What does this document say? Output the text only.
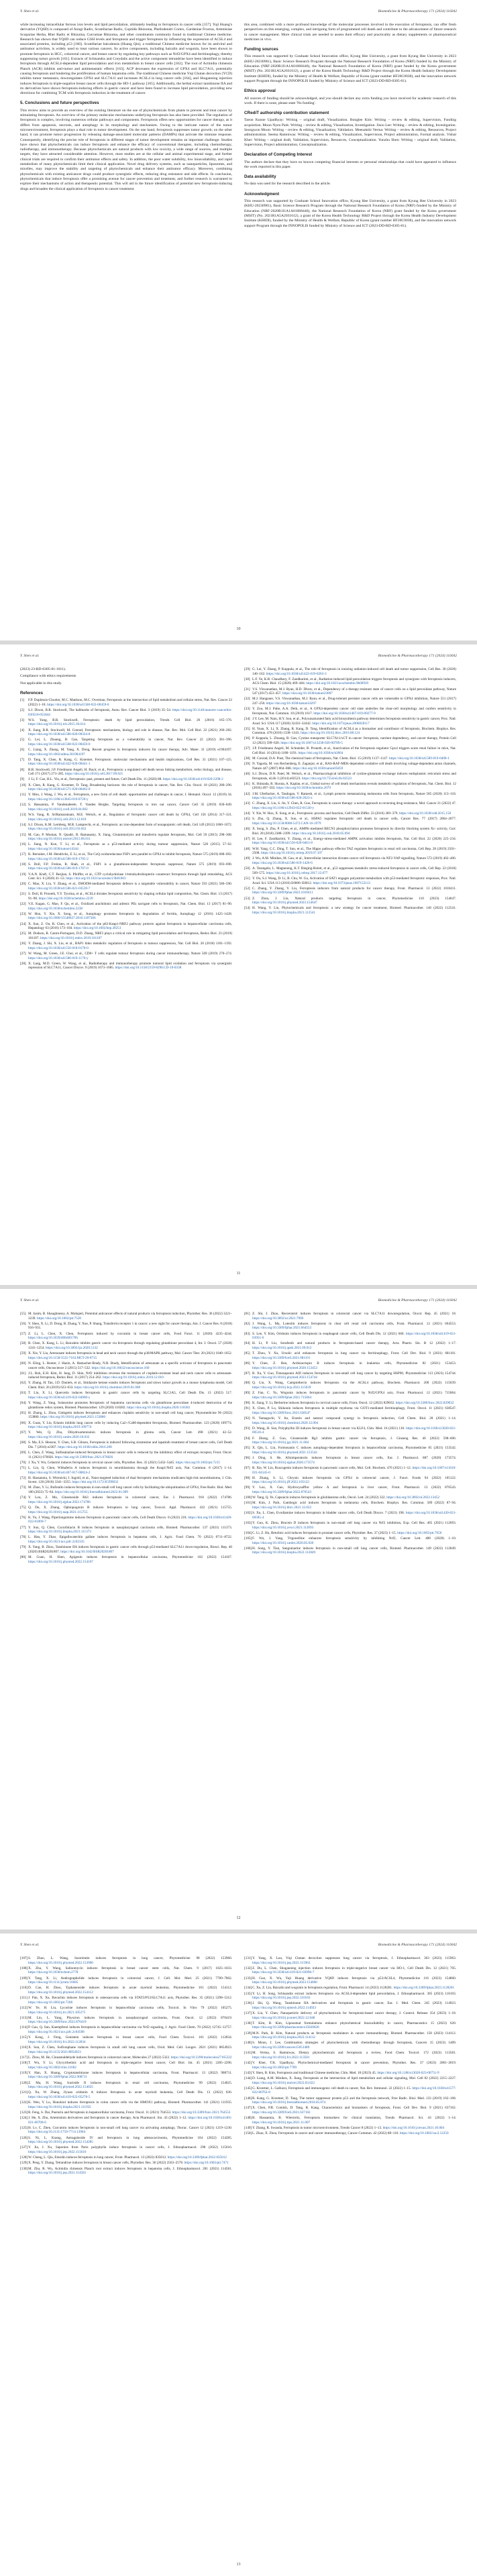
Y. Shen et al.	Biomedicine & Pharmacotherapy 171 (2024) 116042

while increasing intracellular ferrous iron levels and lipid peroxidation, ultimately leading to ferroptosis in cancer cells [157]. Yuji Huang's derivative (YQ6D) is composed of Aongi Radix, Scutellariae Radix, Coptidis Rhizoma, Phellodendri Cortex, Gardeniae Fructus, Artemisiae Scopariae Herba, Rhei Radix et Rhizoma, Curcumae Rhizoma, and other constituents commonly found in traditional Chinese medicine. Research has shown that YQ6D can reduce GSH levels and ferroptosis and trigger ferroptosis by influencing the expression of ACSL4 and associated proteins, including p53 [160]. Scutellariae baicalensis (Huang Qin), a traditional Chinese medicine known for its antiviral and antitumor activities, is widely used to treat various cancers. Its active components, including baicalin and wogonin, have been shown to promote ferroptosis in HCC, colorectal cancer, and breast cancer by regulating key pathways such as Nrf2/GPX4 and ferritinophagy, thereby suppressing tumor growth [161]. Extracts of Schisandra and Corydalis and the active component tetrandrine have been identified to induce ferroptosis through ACSL4-dependent lipid peroxidation and iron metabolism in breast cancer cells [162]. The root of Actinidia chinensis Planch (ACR) inhibits anti-tumor and antimetastatic effects [163]. ACP decreases the expression of GPX4 and SLC7A11, potentially causing ferroptosis and hindering the proliferation of human hepatoma cells. The traditional Chinese medicine Yiqi Chutan decoction (YCD) inhibits tumor metastasis, downregulates GPX4 and SLC7A11 and increases ACSL4 in lung cancer cells [164], and Shuganning injection induces ferroptosis in triple-negative breast cancer cells through the HO-1 pathway [165]. Additionally, the herbal extract tanshinone IIA and its derivatives have shown ferroptosis-inducing effects in gastric cancer and have been found to increase lipid peroxidation, providing new directions for combining TCM with ferroptosis induction in the treatment of cancer.

5. Conclusions and future perspectives

This review aims to provide an overview of the existing literature on the use of phytochemicals from plants to prevent and treat cancer by stimulating ferroptosis. An overview of the primary molecular mechanisms underlying ferroptosis has also been provided. The regulation of ferroptosis is complex, involving numerous cellular pathways and components. Ferroptosis offers new opportunities for cancer therapy, as it differs from apoptosis, necrosis, and autophagy in its morphology and mechanism. Owing to the intricate nature of the tumor microenvironment, ferroptosis plays a dual role in tumor development. On the one hand, ferroptosis suppresses tumor growth; on the other hand, it can promote tumor progression by releasing damage-associated molecular patterns (DAMPs) that activate the immune response. Consequently, identifying the precise role of ferroptosis in different stages of tumor development remains an important challenge. Studies have shown that phytochemicals can induce ferroptosis and enhance the efficacy of conventional therapies, including chemotherapy, radiotherapy, and immunotherapy. Because phytochemicals are natural products with low toxicity, a wide range of sources, and multiple targets, they have attracted considerable attention. However, most studies are at the cellular and animal experimental stage, and further clinical trials are required to confirm their antitumor effects and safety. In addition, the poor water solubility, low bioavailability, and rapid metabolism of many phytochemicals limit their clinical application. Novel drug delivery systems, such as nanoparticles, liposomes, and micelles, may improve the stability and targeting of phytochemicals and enhance their antitumor efficacy. Moreover, combining phytochemicals with existing anticancer drugs could produce synergistic effects, reducing drug resistance and side effects. In conclusion, phytochemicals that induce ferroptosis offer a promising avenue for cancer prevention and treatment, and further research is warranted to explore their mechanisms of action and therapeutic potential. This will aid in the future identification of potential new ferroptosis-inducing drugs and broaden the clinical application of ferroptosis in cancer treatment.

this area, combined with a more profound knowledge of the molecular processes involved in the execution of ferroptosis, can offer fresh perspectives on this emerging, complex, and intriguing form of programmed cell death and contribute to the advancement of future research in cancer management. More clinical trials are needed to assess their efficacy and practicality as dietary supplements or pharmaceutical medicines in vivo.

Funding sources

This research was supported by Graduate School Innovation office, Kyung Hee University, a grant from Kyung Hee University in 2023 (KHU-20230961), Basic Science Research Program through the National Research Foundation of Korea (NRF) funded by the Ministry of Education (NRF-2020R1I1A1A01068446), the National Research Foundation of Korea (NRF) grant funded by the Korea government (MSIT) (No. 2021R1A5A2031612), a grant of the Korea Health Technology R&D Project through the Korea Health Industry Development Institute (KHIDI), funded by the Ministry of Health & Welfare, Republic of Korea (grant number HF20C0038), and the innovation network support Program through the INNOPOLIS funded by Ministry of Science and ICT (2023-DD-RD-0305-01).

Ethics approval

All sources of funding should be acknowledged, and you should declare any extra funding you have received for academic research of this work. If there is none, please state 'No funding'.

CRediT authorship contribution statement

Taeon Kunne Upadhyay: Writing – original draft, Visualization. Bonglee Kim: Writing – review & editing, Supervision, Funding acquisition. Moon Nyeo Park: Writing – review & editing, Visualization, Investigation. Jisoo Lee: Writing – review & editing, Investigation. Seongwon Moon: Writing – review & editing, Visualization, Validation. Meenakshi Verma: Writing – review & editing, Resources, Project administration. Seema Ramniwas: Writing – review & editing, Visualization, Supervision, Project administration, Formal analysis. Vishal Kher: Writing – original draft, Validation, Supervision, Resources, Conceptualization. Yunzhu Shen: Writing – original draft, Validation, Supervision, Project administration, Conceptualization.

Declaration of Competing Interest

The authors declare that they have no known competing financial interests or personal relationships that could have appeared to influence the work reported in this paper.

Data availability

No data was used for the research described in the article.

Acknowledgment

This research was supported by Graduate School Innovation office, Kyung Hee University, a grant from Kyung Hee University in 2023 (KHU-20230961), Basic Science Research Program through the National Research Foundation of Korea (NRF) funded by the Ministry of Education (NRF-2020R1I1A1A01068446), the National Research Foundation of Korea (NRF) grant funded by the Korea government (MSIT) (No. 2021R1A5A2031612), a grant of the Korea Health Technology R&D Project through the Korea Health Industry Development Institute (KHIDI), funded by the Ministry of Health & Welfare, Republic of Korea (grant number HF20C0038), and the innovation network support Program through the INNOPOLIS funded by Ministry of Science and ICT (2023-DD-RD-0305-01).

10
Y. Shen et al.	Biomedicine & Pharmacotherapy 171 (2024) 116042

(2023) 23-RD-0305-01-1011).

Compliance with ethics requirements

Not applicable in this study.

References
[1] F.P. Duplessis-Cloutier, M.C. Mattison, M.C. Overman, Ferroptosis at the intersection of lipid metabolism and cellular stress, Nat. Rev. Cancer 22 (2022) 1–18. https://doi.org/10.1038/s41568-022-00459-0
[2] S.J. Dixon, B.R. Stockwell, The hallmarks of ferroptosis, Annu. Rev. Cancer Biol. 3 (2019) 35–54. https://doi.org/10.1146/annurev-cancerbio-030518-055844
[3] W.S. Yang, B.R. Stockwell, Ferroptosis: death by lipid peroxidation, Trends Cell Biol. 26 (2016) 165–176. https://doi.org/10.1016/j.tcb.2015.10.014
[4] X. Jiang, B.R. Stockwell, M. Conrad, Ferroptosis: mechanisms, biology and role in disease, Nat. Rev. Mol. Cell Biol. 22 (2021) 266–282. https://doi.org/10.1038/s41580-020-00324-8
[5] G. Lei, L. Zhuang, B. Gan, Targeting ferroptosis as a vulnerability in cancer, Nat. Rev. Cancer 22 (2022) 381–396. https://doi.org/10.1038/s41568-022-00459-0
[6] C. Liang, X. Zhang, M. Yang, X. Dong, Recent progress in ferroptosis inducers for cancer therapy, Adv. Mater. 31 (2019) e1904197. https://doi.org/10.1002/adma.201904197
[7] D. Tang, X. Chen, R. Kang, G. Kroemer, Ferroptosis: molecular mechanisms and health implications, Cell Res. 31 (2021) 107–125. https://doi.org/10.1038/s41422-020-00441-1
[8] B.R. Stockwell, J.P. Friedmann Angeli, H. Bayir, et al., Ferroptosis: a regulated cell death nexus linking metabolism, redox biology, and disease, Cell 171 (2017) 273–285. https://doi.org/10.1016/j.cell.2017.09.021
[9] J. Li, F. Cao, H.L. Yin, et al., Ferroptosis: past, present and future, Cell Death Dis. 11 (2020) 88. https://doi.org/10.1038/s41419-020-2298-2
[10] X. Chen, R. Kang, G. Kroemer, D. Tang, Broadening horizons: the role of ferroptosis in cancer, Nat. Rev. Clin. Oncol. 18 (2021) 280–296. https://doi.org/10.1038/s41571-020-00462-0
[11] Y. Mou, J. Wang, J. Wu, et al., Ferroptosis, a new form of cell death: opportunities and challenges in cancer, J. Hematol. Oncol. 12 (2019) 34. https://doi.org/10.1186/s13045-019-0720-y
[12] S. Hassannia, P. Vandenabeele, T. Vanden Berghe, Targeting ferroptosis to iron out cancer, Cancer Cell 35 (2019) 830–849. https://doi.org/10.1016/j.ccell.2019.04.002
[13] W.S. Yang, R. SriRamaratnam, M.E. Welsch, et al., Regulation of ferroptotic cancer cell death by GPX4, Cell 156 (2014) 317–331. https://doi.org/10.1016/j.cell.2013.12.010
[14] S.J. Dixon, K.M. Lemberg, M.R. Lamprecht, et al., Ferroptosis: an iron-dependent form of nonapoptotic cell death, Cell 149 (2012) 1060–1072. https://doi.org/10.1016/j.cell.2012.03.042
[15] M. Gao, P. Monian, N. Quadri, R. Ramasamy, X. Jiang, Glutaminolysis and transferrin regulate ferroptosis, Mol. Cell 59 (2015) 298–308. https://doi.org/10.1016/j.molcel.2015.06.011
[16] L. Jiang, N. Kon, T. Li, et al., Ferroptosis as a p53-mediated activity during tumour suppression, Nature 520 (2015) 57–62. https://doi.org/10.1038/nature14344
[17] K. Bersuker, J.M. Hendricks, Z. Li, et al., The CoQ oxidoreductase FSP1 acts parallel to GPX4 to inhibit ferroptosis, Nature 575 (2019) 688–692. https://doi.org/10.1038/s41586-019-1705-2
[18] S. Doll, F.P. Freitas, R. Shah, et al., FSP1 is a glutathione-independent ferroptosis suppressor, Nature 575 (2019) 693–698. https://doi.org/10.1038/s41586-019-1707-0
[19] V.A.N. Kraft, C.T. Bezjian, S. Pfeiffer, et al., GTP cyclohydrolase 1/tetrahydrobiopterin counteract ferroptosis through lipid remodeling, ACS Cent. Sci. 6 (2020) 41–53. https://doi.org/10.1021/acscentsci.9b01063
[20] C. Mao, X. Liu, Y. Zhang, et al., DHODH-mediated ferroptosis defence is a targetable vulnerability in cancer, Nature 593 (2021) 586–590. https://doi.org/10.1038/s41586-021-03539-7
[21] S. Doll, B. Proneth, Y.Y. Tyurina, et al., ACSL4 dictates ferroptosis sensitivity by shaping cellular lipid composition, Nat. Chem. Biol. 13 (2017) 91–98. https://doi.org/10.1038/nchembio.2239
[22] V.E. Kagan, G. Mao, F. Qu, et al., Oxidized arachidonic and adrenic PEs navigate cells to ferroptosis, Nat. Chem. Biol. 13 (2017) 81–90. https://doi.org/10.1038/nchembio.2238
[23] W. Hou, Y. Xie, X. Song, et al., Autophagy promotes ferroptosis by degradation of ferritin, Autophagy 12 (2016) 1425–1428. https://doi.org/10.1080/15548627.2016.1187366
[24] X. Sun, Z. Ou, R. Chen, et al., Activation of the p62-Keap1-NRF2 pathway protects against ferroptosis in hepatocellular carcinoma cells, Hepatology 63 (2016) 173–184. https://doi.org/10.1002/hep.28251
[25] M. Dodson, R. Castro-Portuguez, D.D. Zhang, NRF2 plays a critical role in mitigating lipid peroxidation and ferroptosis, Redox Biol. 23 (2019) 101107. https://doi.org/10.1016/j.redox.2019.101107
[26] Y. Zhang, J. Shi, X. Liu, et al., BAP1 links metabolic regulation of ferroptosis to tumour suppression, Nat. Cell Biol. 20 (2018) 1181–1192. https://doi.org/10.1038/s41556-018-0178-0
[27] W. Wang, M. Green, J.E. Choi, et al., CD8+ T cells regulate tumour ferroptosis during cancer immunotherapy, Nature 569 (2019) 270–274. https://doi.org/10.1038/s41586-019-1170-y
[28] X. Lang, M.D. Green, W. Wang, et al., Radiotherapy and immunotherapy promote tumoral lipid oxidation and ferroptosis via synergistic repression of SLC7A11, Cancer Discov. 9 (2019) 1673–1685. https://doi.org/10.1158/2159-8290.CD-19-0338
[29] G. Lei, Y. Zhang, P. Koppula, et al., The role of ferroptosis in ionizing radiation-induced cell death and tumor suppression, Cell Res. 30 (2020) 146–162. https://doi.org/10.1038/s41422-019-0263-3
[30] L.F. Ye, K.R. Chaudhary, F. Zandkarimi, et al., Radiation-induced lipid peroxidation triggers ferroptosis and synergizes with ferroptosis inducers, ACS Chem. Biol. 15 (2020) 469–484. https://doi.org/10.1021/acschembio.9b00939
[31] V.S. Viswanathan, M.J. Ryan, H.D. Dhruv, et al., Dependency of a therapy-resistant state of cancer cells on a lipid peroxidase pathway, Nature 547 (2017) 453–457. https://doi.org/10.1038/nature23007
[32] M.J. Hangauer, V.S. Viswanathan, M.J. Ryan, et al., Drug-tolerant persister cancer cells are vulnerable to GPX4 inhibition, Nature 551 (2017) 247–250. https://doi.org/10.1038/nature24297
[33] Y. Zou, M.J. Palte, A.A. Deik, et al., A GPX4-dependent cancer cell state underlies the clear-cell morphology and confers sensitivity to ferroptosis, Nat. Commun. 10 (2019) 1617. https://doi.org/10.1038/s41467-019-09277-9
[34] J.Y. Lee, M. Nam, H.Y. Son, et al., Polyunsaturated fatty acid biosynthesis pathway determines ferroptosis sensitivity in gastric cancer, Proc. Natl. Acad. Sci. USA 117 (2020) 32433–32442. https://doi.org/10.1073/pnas.2006828117
[35] H. Yuan, X. Li, X. Zhang, R. Kang, D. Tang, Identification of ACSL4 as a biomarker and contributor of ferroptosis, Biochem. Biophys. Res. Commun. 478 (2016) 1338–1343. https://doi.org/10.1016/j.bbrc.2016.08.124
[36] P. Koppula, L. Zhuang, B. Gan, Cystine transporter SLC7A11/xCT in cancer: ferroptosis, nutrient dependency, and cancer therapy, Protein Cell 12 (2021) 599–620. https://doi.org/10.1007/s13238-020-00789-5
[37] J.P. Friedmann Angeli, M. Schneider, B. Proneth, et al., Inactivation of the ferroptosis regulator Gpx4 triggers acute renal failure in mice, Nat. Cell Biol. 16 (2014) 1180–1191. https://doi.org/10.1038/ncb3064
[38] M. Conrad, D.A. Pratt, The chemical basis of ferroptosis, Nat. Chem. Biol. 15 (2019) 1137–1147. https://doi.org/10.1038/s41589-019-0408-1
[39] N. Yagoda, M. von Rechenberg, E. Zaganjor, et al., RAS-RAF-MEK-dependent oxidative cell death involving voltage-dependent anion channels, Nature 447 (2007) 864–868. https://doi.org/10.1038/nature05859
[40] S.J. Dixon, D.N. Patel, M. Welsch, et al., Pharmacological inhibition of cystine-glutamate exchange induces endoplasmic reticulum stress and ferroptosis, eLife 3 (2014) e02523. https://doi.org/10.7554/eLife.02523
[41] K. Shimada, R. Skouta, A. Kaplan, et al., Global survey of cell death mechanisms reveals metabolic regulation of ferroptosis, Nat. Chem. Biol. 12 (2016) 497–503. https://doi.org/10.1038/nchembio.2079
[42] J.M. Ubellacker, A. Tasdogan, V. Ramesh, et al., Lymph protects metastasizing melanoma cells from ferroptosis, Nature 585 (2020) 113–118. https://doi.org/10.1038/s41586-020-2623-z
[43] C. Zhang, X. Liu, S. Jin, Y. Chen, R. Guo, Ferroptosis in cancer therapy: a novel approach to reversing drug resistance, Mol. Cancer 21 (2022) 47. https://doi.org/10.1186/s12943-022-01530-y
[44] Y. Xie, W. Hou, X. Song, et al., Ferroptosis: process and function, Cell Death Differ. 23 (2016) 369–379. https://doi.org/10.1038/cdd.2015.158
[45] S. Zhu, Q. Zhang, X. Sun, et al., HSPA5 regulates ferroptotic cell death in cancer cells, Cancer Res. 77 (2017) 2064–2077. https://doi.org/10.1158/0008-5472.CAN-16-1979
[46] X. Song, S. Zhu, P. Chen, et al., AMPK-mediated BECN1 phosphorylation promotes ferroptosis by directly blocking system Xc- activity, Curr. Biol. 28 (2018) 2388–2399. https://doi.org/10.1016/j.cub.2018.05.094
[47] H. Lee, F. Zandkarimi, Y. Zhang, et al., Energy-stress-mediated AMPK activation inhibits ferroptosis, Nat. Cell Biol. 22 (2020) 225–234. https://doi.org/10.1038/s41556-020-0461-8
[48] W.H. Yang, C.C. Ding, T. Sun, et al., The Hippo pathway effector TAZ regulates ferroptosis in renal cell carcinoma, Cell Rep. 28 (2019) 2501–2508. https://doi.org/10.1016/j.celrep.2019.07.107
[49] J. Wu, A.M. Minikes, M. Gao, et al., Intercellular interaction dictates cancer cell ferroptosis via NF2-YAP signalling, Nature 572 (2019) 402–406. https://doi.org/10.1038/s41586-019-1426-6
[50] A. Tarangelo, L. Magtanong, K.T. Bieging-Rolett, et al., p53 suppresses metabolic stress-induced ferroptosis in cancer cells, Cell Rep. 22 (2018) 569–575. https://doi.org/10.1016/j.celrep.2017.12.077
[51] Y. Ou, S.J. Wang, D. Li, B. Chu, W. Gu, Activation of SAT1 engages polyamine metabolism with p53-mediated ferroptotic responses, Proc. Natl. Acad. Sci. USA 113 (2016) E6806–E6812. https://doi.org/10.1073/pnas.1607152113
[52] C. Zhang, Y. Zhang, Y. Liu, Ferroptosis inducers from natural products for cancer therapy, Front. Pharmacol. 13 (2022) 1010411. https://doi.org/10.3389/fphar.2022.1010411
[53] Z. Zhou, J. Liu, Natural products targeting ferroptosis in cancer, Phytomedicine 110 (2023) 154647. https://doi.org/10.1016/j.phymed.2023.154647
[54] H. Wang, Y. Lin, Phytochemicals and ferroptosis: a new strategy for cancer treatment, Biomed. Pharmacother. 146 (2022) 112541. https://doi.org/10.1016/j.biopha.2021.112541
11
Y. Shen et al.	Biomedicine & Pharmacotherapy 171 (2024) 116042
[55] M. Jasim, B. Shaughnessy, A. Mohajeri, Potential anticancer effects of natural products via ferroptosis induction, Phytother. Res. 36 (2022) 3221–3239. https://doi.org/10.1002/ptr.7520
[56] Y. Shen, X. Li, D. Dong, B. Zhang, Y. Xue, P. Shang, Transferrin receptor 1 in cancer: a new sight for cancer therapy, Am. J. Cancer Res. 8 (2018) 916–931.
[57] Z. Li, L. Chen, X. Chen, Ferroptosis induced by curcumin in breast cancer cells, Food Funct. 11 (2020) 4235–4244. https://doi.org/10.1039/d0fo00170h
[58] R. Chen, X. Kang, L. Li, Baicalein inhibits gastric cancer via ferroptosis through regulating glutathione peroxidase 4, Int. J. Oncol. 57 (2020) 1241–1254. https://doi.org/10.3892/ijo.2020.5132
[59] X. Xie, Y. Liu, Artesunate induces ferroptosis in head and neck cancer through the p38/MAPK pathway, Mol. Cancer Ther. 20 (2021) 1040–1052. https://doi.org/10.1158/1535-7163.MCT-20-0715
[60] N. Eling, L. Reuter, J. Hazin, A. Hamacher-Brady, N.R. Brady, Identification of artesunate as a specific activator of ferroptosis in pancreatic cancer cells, Oncoscience 2 (2015) 517–532. https://doi.org/10.18632/oncoscience.160
[61] J.L. Roh, E.H. Kim, H. Jang, D. Shin, Nrf2 inhibition reverses the resistance of cisplatin-resistant head and neck cancer cells to artesunate-induced ferroptosis, Redox Biol. 11 (2017) 254–262. https://doi.org/10.1016/j.redox.2016.12.010
[62] Y. Zhang, H. Tan, J.D. Daniels, et al., Imidazole ketone erastin induces ferroptosis and slows tumor growth in a mouse lymphoma model, Cell Chem. Biol. 26 (2019) 623–633. https://doi.org/10.1016/j.chembiol.2019.01.008
[63] T. Liu, X. Li, Quercetin induces ferroptosis in gastric cancer cells by targeting SLC1A5, Cell Death Dis. 13 (2022) 517. https://doi.org/10.1038/s41419-022-04960-y
[64] Y. Wang, Z. Yang, Solasonine promotes ferroptosis of hepatoma carcinoma cells via glutathione peroxidase 4-induced destruction of the glutathione redox system, Biomed. Pharmacother. 129 (2020) 110282. https://doi.org/10.1016/j.biopha.2020.110282
[65] H. Zhang, L. Zhou, Ginkgetin induces ferroptosis and enhances cisplatin sensitivity in non-small cell lung cancer, Phytomedicine 96 (2022) 153880. https://doi.org/10.1016/j.phymed.2021.153880
[66] X. Guan, Y. Liu, Erianin inhibits lung cancer cells by inducing Ca2+/CaM-dependent ferroptosis, Biomed. Pharmacother. 123 (2020) 109774. https://doi.org/10.1016/j.biopha.2019.109774
[67] Y. Wei, Q. Zhu, Dihydroartemisinin induces ferroptosis in glioma cells, Cancer Lett. 498 (2021) 42–52. https://doi.org/10.1016/j.canlet.2020.10.032
[68] S. Ma, E.S. Henson, Y. Chen, S.B. Gibson, Ferroptosis is induced following siramesine and lapatinib treatment of breast cancer cells, Cell Death Dis. 7 (2016) e2307. https://doi.org/10.1038/cddis.2016.208
[69] L. Chen, Z. Wang, Sulfasalazine-induced ferroptosis in breast cancer cells is reduced by the inhibitory effect of estrogen receptor, Front. Oncol. 11 (2021) 676826. https://doi.org/10.3389/fonc.2021.676826
[70] J. Xu, Y. Wu, Celastrol induces ferroptosis in cervical cancer cells, Phytother. Res. 35 (2021) 5432–5445. https://doi.org/10.1002/ptr.7215
[71] L. Lin, Q. Chen, Withaferin A induces ferroptosis in neuroblastoma through the Keap1/Nrf2 axis, Nat. Commun. 8 (2017) 1–14. https://doi.org/10.1038/s41467-017-00824-2
[72] H. Hassannia, S. Wiernicki, I. Ingold, et al., Nano-targeted induction of dual ferroptotic mechanisms eradicates high-risk neuroblastoma, J. Clin. Invest. 128 (2018) 3341–3355. https://doi.org/10.1172/JCI99032
[73] M. Zhao, Y. Li, Bufotalin induces ferroptosis in non-small cell lung cancer cells by facilitating the ubiquitination of GPX4, Free Radic. Biol. Med. 180 (2022) 75–84. https://doi.org/10.1016/j.freeradbiomed.2022.01.009
[74] Y. Lou, Z. Ma, Ginsenoside Rh3 induces ferroptosis in colorectal cancer, Eur. J. Pharmacol. 918 (2022) 174786. https://doi.org/10.1016/j.ejphar.2022.174786
[75] Q. Du, X. Zhang, Ophiopogonin B induces ferroptosis in lung cancer, Toxicol. Appl. Pharmacol. 432 (2021) 115755. https://doi.org/10.1016/j.taap.2021.115755
[76] K. Yu, J. Wang, Piperlongumine induces ferroptosis in pancreatic cancer cells, Cell Death Discov. 8 (2022) 218. https://doi.org/10.1038/s41420-022-01009-7
[77] Y. Sun, Q. Chen, Cucurbitacin B induces ferroptosis in nasopharyngeal carcinoma cells, Biomed. Pharmacother. 137 (2021) 111373. https://doi.org/10.1016/j.biopha.2021.111373
[78] L. Han, Y. Zhao, Epigallocatechin gallate induces ferroptosis in hepatoma cells, J. Agric. Food Chem. 70 (2022) 8711–8722. https://doi.org/10.1021/acs.jafc.2c02335
[79] X. Yang, R. Zhou, Tanshinone IIA induces ferroptosis in gastric cancer cells through p53-mediated SLC7A11 down-regulation, Biosci. Rep. 40 (2020) BSR20201807. https://doi.org/10.1042/BSR20201807
[80] M. Guan, H. Shen, Apigenin induces ferroptosis in hepatocellular carcinoma, Phytomedicine 102 (2022) 154167. https://doi.org/10.1016/j.phymed.2022.154167
[81] Z. Shi, J. Zhou, Resveratrol induces ferroptosis in colorectal cancer via SLC7A11 downregulation, Oncol. Rep. 45 (2021) 18. https://doi.org/10.3892/or.2021.7969
[82] J. Wang, L. Ma, Luteolin induces ferroptosis in clear cell renal cell carcinoma cells, Front. Pharmacol. 12 (2021) 664553. https://doi.org/10.3389/fphar.2021.664553
[83] S. Lee, Y. Kim, Oridonin induces ferroptosis in esophageal cancer cells, Cell Death Dis. 12 (2021) 660. https://doi.org/10.1038/s41419-021-03951-6
[84] H. Li, P. Liu, Sorafenib and natural products in ferroptosis-based cancer therapy, Acta Pharm. Sin. B 12 (2022) 1–17. https://doi.org/10.1016/j.apsb.2021.09.012
[85] T. Zhou, Y. Xu, Ursolic acid enhances ferroptosis in lung cancer via ferritinophagy, Front. Cell Dev. Biol. 9 (2021) 681101. https://doi.org/10.3389/fcell.2021.681101
[86] Y. Chen, Z. Ren, Ardisiacrispin B induces ferroptosis in leukemia cells, Phytomedicine 82 (2021) 153453. https://doi.org/10.1016/j.phymed.2020.153453
[87] B. Xu, Y. Guo, Timosaponin AIII induces ferroptosis in non-small cell lung cancer by targeting HSP90, Phytomedicine 113 (2023) 154744. https://doi.org/10.1016/j.phymed.2023.154744
[88] Q. Liu, X. Wang, Camptothecin induces ferroptosis via the ACSL4 pathway, Biochem. Pharmacol. 200 (2022) 115039. https://doi.org/10.1016/j.bcp.2022.115039
[89] Z. Fan, C. Yu, Wogonin induces ferroptosis in pancreatic cancer by Nrf2/GPX4 axis, Front. Pharmacol. 12 (2021) 715064. https://doi.org/10.3389/fphar.2021.715064
[90] K. Jiang, Y. Li, Berberine induces ferroptosis in cervical cancer cells, Front. Oncol. 12 (2022) 829032. https://doi.org/10.3389/fonc.2022.829032
[91] X. Chen, P. Lu, Shikonin induces ferroptosis in multiple myeloma via GOT1-mediated ferritinophagy, Front. Oncol. 11 (2021) 638547. https://doi.org/10.3389/fonc.2021.638547
[92] N. Yamaguchi, Y. Ito, Erastin and natural compound synergy in ferroptosis induction, Cell Chem. Biol. 28 (2021) 1–14. https://doi.org/10.1016/j.chembiol.2020.12.004
[93] D. Wang, H. Sun, Polyphyllin III induces ferroptosis in breast cancer via KLF4, Chin. Med. 16 (2021) 110. https://doi.org/10.1186/s13020-021-00516-4
[94] F. Zheng, Z. Guo, Ginsenoside Rg3 inhibits gastric cancer via ferroptosis, J. Ginseng Res. 46 (2022) 598–606. https://doi.org/10.1016/j.jgr.2021.11.004
[95] X. Qin, L. Liu, Formosanin C induces autophagy-dependent ferroptosis in hepatocellular carcinoma, Phytomedicine 85 (2021) 153542. https://doi.org/10.1016/j.phymed.2021.153542
[96] J. Ding, S. He, Alloimperatorin induces ferroptosis in breast cancer cells, Eur. J. Pharmacol. 887 (2020) 173574. https://doi.org/10.1016/j.ejphar.2020.173574
[97] R. Xie, W. Lin, Ruscogenin induces ferroptosis in pancreatic cancer cells, Mol. Cell. Biochem. 476 (2021) 1–12. https://doi.org/10.1007/s11010-021-04145-0
[98] H. Zhang, S. Li, Chrysin induces ferroptosis via GPX4 in colorectal cancer, J. Funct. Foods 94 (2022) 105122. https://doi.org/10.1016/j.jff.2022.105122
[99] Y. Luo, X. Gao, Hydroxysafflor yellow A and ferroptosis in liver cancer, Front. Pharmacol. 13 (2022) 876543. https://doi.org/10.3389/fphar.2022.876543
[100]W. Tang, Q. Ye, Capsaicin induces ferroptosis in glioblastoma cells, Oncol. Lett. 24 (2022) 332. https://doi.org/10.3892/ol.2022.13452
[101]M. Kim, J. Park, Gambogic acid induces ferroptosis in melanoma cells, Biochem. Biophys. Res. Commun. 589 (2022) 87–94. https://doi.org/10.1016/j.bbrc.2021.12.022
[102]S. Xu, L. Chen, Evodiamine induces ferroptosis in bladder cancer cells, Cell Death Discov. 7 (2021) 198. https://doi.org/10.1038/s41420-021-00585-4
[103]Y. Guo, K. Zhou, Brucein D induces ferroptosis in non-small cell lung cancer via Nrf2 inhibition, Exp. Cell Res. 405 (2021) 112693. https://doi.org/10.1016/j.yexcr.2021.112693
[104]C. Li, Z. Hu, Betulinic acid induces ferroptosis in prostate cancer cells, Phytother. Res. 37 (2023) 1–15. https://doi.org/10.1002/ptr.7650
[105]F. Wu, J. Yang, Trigonelline enhances ferroptosis sensitivity by inhibiting Nrf2, Cancer Lett. 488 (2020) 1–10. https://doi.org/10.1016/j.canlet.2020.05.020
[106]H. Song, Y. Tian, Sanguinarine induces ferroptosis in non-small cell lung cancer cells, Biomed. Pharmacother. 149 (2022) 112849. https://doi.org/10.1016/j.biopha.2022.112849
12
Y. Shen et al.	Biomedicine & Pharmacotherapy 171 (2024) 116042
[107]S. Zhao, L. Wang, Isoorientin induces ferroptosis in lung cancer, Phytomedicine 98 (2022) 153960. https://doi.org/10.1016/j.phymed.2022.153960
[108]X. Zhu, Y. Wang, Salinomycin induces ferroptosis in breast cancer stem cells, Nat. Chem. 9 (2017) 1025–1033. https://doi.org/10.1038/nchem.2778
[109]Y. Tang, X. Li, Andrographolide induces ferroptosis in colorectal cancer, J. Cell. Mol. Med. 25 (2021) 7789–7802. https://doi.org/10.1111/jcmm.16685
[110]D. Cao, H. Zhou, Typhaneoside induces ferroptosis in acute myeloid leukemia, Phytomedicine 101 (2022) 154112. https://doi.org/10.1016/j.phymed.2022.154112
[111]J. Pan, X. Xu, Bavachin induces ferroptosis in osteosarcoma cells via STAT3/P53/SLC7A11 axis, Phytother. Res. 35 (2021) 5298–5312. https://doi.org/10.1002/ptr.7208
[112]W. Ye, H. Liu, Lycorine induces ferroptosis in hepatocellular carcinoma cells, Toxicol. In Vitro 79 (2022) 105275. https://doi.org/10.1016/j.tiv.2021.105275
[113]M. Lin, L. Yang, Physcion induces ferroptosis in nasopharyngeal carcinoma, Front. Oncol. 12 (2022) 876419. https://doi.org/10.3389/fonc.2022.876419
[114]P. Gao, Q. Sun, Kaempferol induces ferroptosis in hepatocellular carcinoma via Nrf2 signaling, J. Agric. Food Chem. 70 (2022) 12745–12757. https://doi.org/10.1021/acs.jafc.2c04568
[115]Y. Kong, J. Feng, Genistein induces ferroptosis in breast cancer cells, Food Chem. Toxicol. 161 (2022) 112834. https://doi.org/10.1016/j.fct.2022.112834
[116]X. Sun, Z. Chen, Sulforaphane induces ferroptosis in small cell lung cancer cells, Oxid. Med. Cell. Longev. 2021 (2021) 8854923. https://doi.org/10.1155/2021/8854923
[117]L. Zhou, M. He, Cinnamaldehyde induces ferroptosis in colorectal cancer, Molecules 27 (2022) 5322. https://doi.org/10.3390/molecules27165322
[118]T. Wu, Y. Li, Glycyrrhetinic acid and ferroptosis in triple-negative breast cancer, Cell Biol. Int. 45 (2021) 2285–2296. https://doi.org/10.1002/cbin.11662
[119]Y. Han, X. Huang, Cryptotanshinone induces ferroptosis in hepatocellular carcinoma, Front. Pharmacol. 13 (2022) 908711. https://doi.org/10.3389/fphar.2022.908711
[120]Z. Ma, H. Wang, Icariside II induces ferroptosis in renal cell carcinoma, Phytomedicine 99 (2022) 154025. https://doi.org/10.1016/j.phymed.2022.154025
[121]Q. Xu, W. Zhang, Jiyuan oridonin A induces ferroptosis in acute myeloid leukemia, Cell Death Dis. 13 (2022) 836. https://doi.org/10.1038/s41419-022-05278-5
[122]K. Wen, Y. Lu, Honokiol induces ferroptosis in colon cancer cells via the HMOX1 pathway, Biomed. Pharmacother. 141 (2021) 111935. https://doi.org/10.1016/j.biopha.2021.111935
[123]R. Feng, S. Dai, Puerarin and ferroptosis in hepatocellular carcinoma, Front. Oncol. 11 (2021) 764553. https://doi.org/10.3389/fonc.2021.764553
[124]J. He, X. Zhu, Artemisinin derivatives and ferroptosis in cancer therapy, Acta Pharmacol. Sin. 43 (2022) 1–12. https://doi.org/10.1038/s41401-021-00700-6
[125]H. Lv, C. Zhen, Curcumin induces ferroptosis in non-small cell lung cancer via activating autophagy, Thorac. Cancer 12 (2021) 1219–1230. https://doi.org/10.1111/1759-7714.13904
[126]S. Ni, L. Kuang, Astragaloside IV and ferroptosis in lung adenocarcinoma, Phytomedicine 104 (2022) 154285. https://doi.org/10.1016/j.phymed.2022.154285
[127]Y. Jia, J. Xu, Saponins from Paris polyphylla induce ferroptosis in cancer cells, J. Ethnopharmacol. 298 (2022) 115616. https://doi.org/10.1016/j.jep.2022.115616
[128]W. Cheng, L. Qiu, Emodin induces ferroptosis in lung cancer, Front. Pharmacol. 13 (2022) 835012. https://doi.org/10.3389/fphar.2022.835012
[129]X. Peng, Y. Zhang, Tetrandrine induces ferroptosis in breast cancer cells, Phytother. Res. 36 (2022) 2563–2576. https://doi.org/10.1002/ptr.7471
[130]M. Zhu, R. Wu, Actinidia chinensis Planch root extract induces ferroptosis in hepatoma cells, J. Ethnopharmacol. 281 (2021) 114581. https://doi.org/10.1016/j.jep.2021.114581
[131]Y. Yang, X. Luo, Yiqi Chutan decoction suppresses lung cancer via ferroptosis, J. Ethnopharmacol. 303 (2023) 115963. https://doi.org/10.1016/j.jep.2022.115963
[132]Z. Du, L. Chen, Shuganning injection induces ferroptosis in triple-negative breast cancer via HO-1, Cell Death Dis. 12 (2021) 705. https://doi.org/10.1038/s41419-021-03996-7
[133]H. Guo, X. Wu, Yuji Huang derivative YQ6D induces ferroptosis via p53/ACSL4, Phytomedicine 116 (2023) 154860. https://doi.org/10.1016/j.phymed.2023.154860
[134]C. Xu, Z. Liu, Baicalin and wogonin in ferroptosis regulation, Front. Pharmacol. 14 (2023) 1128201. https://doi.org/10.3389/fphar.2023.1128201
[135]Y. Li, H. Song, Schisandra extract induces ferroptosis via ACSL4-dependent lipid peroxidation, J. Ethnopharmacol. 305 (2023) 116103. https://doi.org/10.1016/j.jep.2022.116103
[136]J. Shi, Q. Wang, Tanshinone IIA derivatives and ferroptosis in gastric cancer, Eur. J. Med. Chem. 245 (2023) 114923. https://doi.org/10.1016/j.ejmech.2022.114923
[137]X. Liu, Y. Chen, Nanoparticle delivery of phytochemicals for ferroptosis-based cancer therapy, J. Control. Release 354 (2023) 1–18. https://doi.org/10.1016/j.jconrel.2022.12.048
[138]T. Kim, B. Kim, Liposomal formulations enhance phytochemical bioavailability in cancer, Pharmaceutics 15 (2023) 620. https://doi.org/10.3390/pharmaceutics15020620
[139]M.N. Park, B. Kim, Natural products as ferroptosis modulators in cancer immunotherapy, Biomed. Pharmacother. 158 (2023) 114112. https://doi.org/10.1016/j.biopha.2022.114112
[140]S. Moon, J. Lee, Combination strategies of phytochemicals with chemotherapy through ferroptosis, Cancers 15 (2023) 1489. https://doi.org/10.3390/cancers15051489
[141]M. Verma, S. Ramniwas, Dietary phytochemicals and ferroptosis: a review, Food Chem. Toxicol. 172 (2023) 113581. https://doi.org/10.1016/j.fct.2022.113581
[142]V. Kher, T.K. Upadhyay, Phytochemical-mediated ferroptosis in cancer prevention, Phytother. Res. 37 (2023) 2001–2019. https://doi.org/10.1002/ptr.7789
[143]Y. Shen, B. Kim, Ferroptosis and traditional Chinese medicine, Chin. Med. 18 (2023) 45. https://doi.org/10.1186/s13020-023-00751-9
[144]D. Liang, A.M. Minikes, X. Jiang, Ferroptosis at the intersection of lipid metabolism and cellular signaling, Mol. Cell 82 (2022) 2215–2227. https://doi.org/10.1016/j.molcel.2022.03.022
[145]G. Kroemer, L. Galluzzi, Ferroptosis and immunogenic cell death in cancer, Nat. Rev. Immunol. 22 (2022) 1–15. https://doi.org/10.1038/s41577-022-00762-8
[146]R. Kang, G. Kroemer, D. Tang, The tumor suppressor protein p53 and the ferroptosis network, Free Radic. Biol. Med. 133 (2019) 162–168. https://doi.org/10.1016/j.freeradbiomed.2018.05.074
[147]X. Chen, P.B. Comish, D. Tang, R. Kang, Characteristics and biomarkers of ferroptosis, Front. Cell Dev. Biol. 9 (2021) 637162. https://doi.org/10.3389/fcell.2021.637162
[148]B. Hassannia, B. Wiernicki, Ferroptosis biomarkers for clinical translation, Trends Pharmacol. Sci. 43 (2022) 1–14. https://doi.org/10.1016/j.tips.2021.11.007
[149]Y. Zhang, R. Swanda, Ferroptosis in tumor microenvironment, Trends Cancer 8 (2022) 1–13. https://doi.org/10.1016/j.trecan.2021.10.004
[150]L. Zhao, X. Zhou, Ferroptosis in cancer and cancer immunotherapy, Cancer Commun. 42 (2022) 88–116. https://doi.org/10.1002/cac2.12250
13
